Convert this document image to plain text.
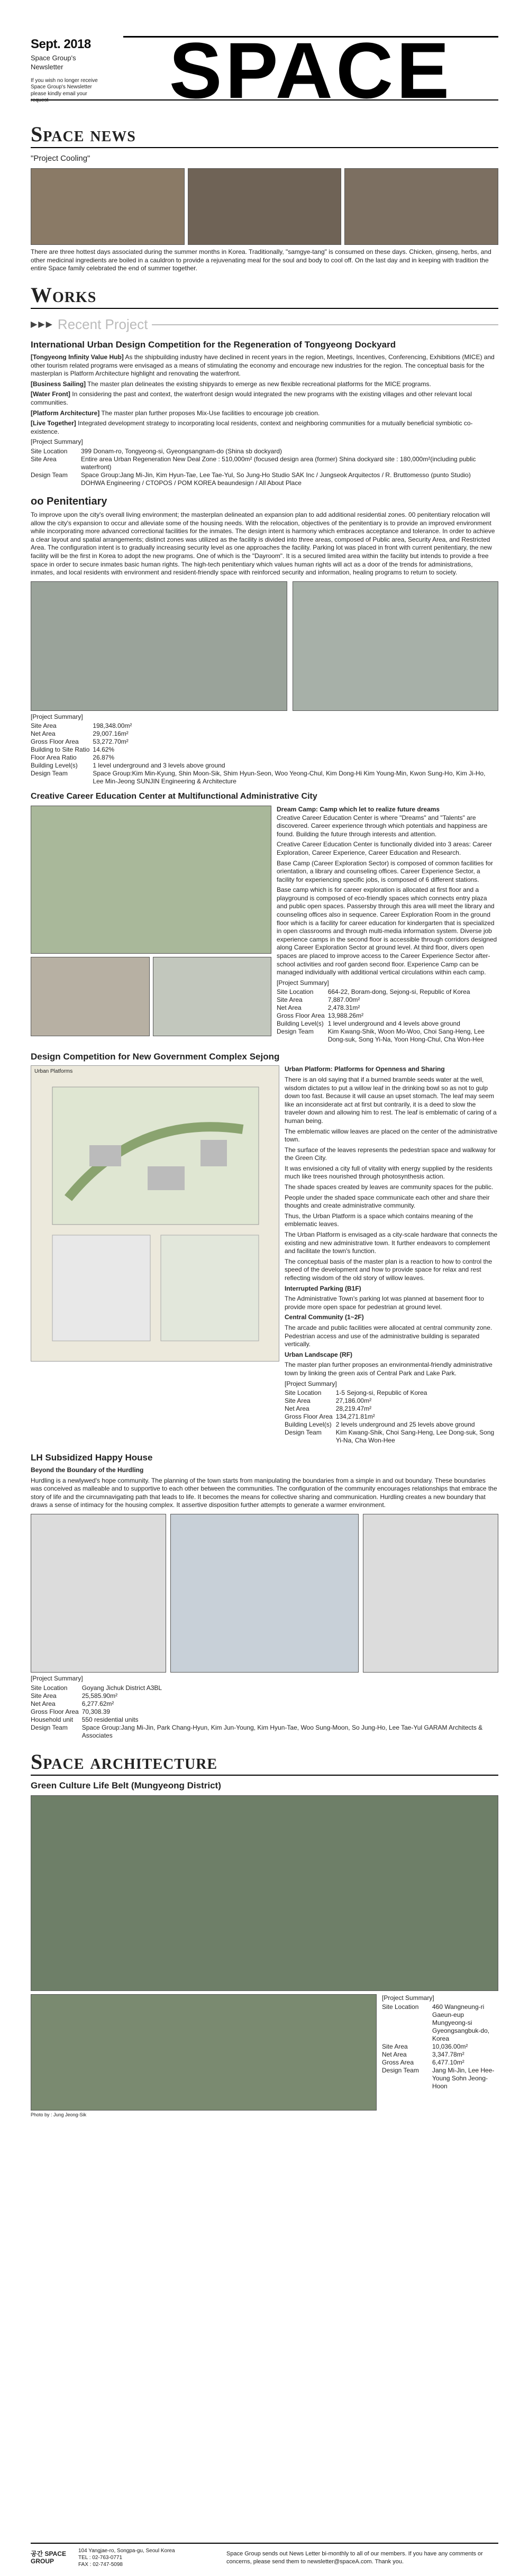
Sept. 2018
Space Group's Newsletter
If you wish no longer receive Space Group's Newsletter please kindly email your request	SPACE
Space news
"Project Cooling"
There are three hottest days associated during the summer months in Korea. Traditionally, "samgye-tang" is consumed on these days. Chicken, ginseng, herbs, and other medicinal ingredients are boiled in a cauldron to provide a rejuvenating meal for the soul and body to cool off. On the last day and in keeping with tradition the entire Space family celebrated the end of summer together.
Works
▶▶▶ Recent Project
International Urban Design Competition for the Regeneration of Tongyeong Dockyard
[Tongyeong Infinity Value Hub] As the shipbuilding industry have declined in recent years in the region, Meetings, Incentives, Conferencing, Exhibitions (MICE) and other tourism related programs were envisaged as a means of stimulating the economy and encourage new industries for the region. The conceptual basis for the masterplan is Platform Architecture highlight and renovating the waterfront.
[Business Sailing] The master plan delineates the existing shipyards to emerge as new flexible recreational platforms for the MICE programs.
[Water Front] In considering the past and context, the waterfront design would integrated the new programs with the existing villages and other relevant local communities.
[Platform Architecture] The master plan further proposes Mix-Use facilities to encourage job creation.
[Live Together] Integrated development strategy to incorporating local residents, context and neighboring communities for a mutually beneficial symbiotic co-existence.
[Project Summary]
Site Location	399 Donam-ro, Tongyeong-si, Gyeongsangnam-do (Shina sb dockyard)
Site Area	Entire area Urban Regeneration New Deal Zone : 510,000m² (focused design area (former) Shina dockyard site : 180,000m²(including public waterfront)
Design Team	Space Group:Jang Mi-Jin, Kim Hyun-Tae, Lee Tae-Yul, So Jung-Ho Studio SAK Inc / Jungseok Arquitectos / R. Bruttomesso (punto Studio) DOHWA Engineering / CTOPOS / POM KOREA beaundesign / All About Place
oo Penitentiary
To improve upon the city's overall living environment; the masterplan delineated an expansion plan to add additional residential zones. 00 penitentiary relocation will allow the city's expansion to occur and alleviate some of the housing needs. With the relocation, objectives of the penitentiary is to provide an improved environment while incorporating more advanced correctional facilities for the inmates. The design intent is harmony which embraces acceptance and tolerance. In order to achieve a clear layout and spatial arrangements; distinct zones was utilized as the facility is divided into three areas, composed of Public area, Security Area, and Restricted Area. The configuration intent is to gradually increasing security level as one approaches the facility. Parking lot was placed in front with current penitentiary, the new facility will be the first in Korea to adopt the new programs. One of which is the "Dayroom". It is a secured limited area within the facility but intends to provide a free space in order to secure inmates basic human rights. The high-tech penitentiary which values human rights will act as a door of the trends for administrations, inmates, and local residents with environment and resident-friendly space with reinforced security and information, healing programs to return to society.
[Project Summary]
Site Area	198,348.00m²
Net Area	29,007.16m²
Gross Floor Area	53,272.70m²
Building to Site Ratio	14.62%
Floor Area Ratio	26.87%
Building Level(s)	1 level underground and 3 levels above ground
Design Team	Space Group:Kim Min-Kyung, Shin Moon-Sik, Shim Hyun-Seon, Woo Yeong-Chul, Kim Dong-Hi Kim Young-Min, Kwon Sung-Ho, Kim Ji-Ho, Lee Min-Jeong SUNJIN Engineering & Architecture
Creative Career Education Center at Multifunctional Administrative City
Dream Camp: Camp which let to realize future dreams
Creative Career Education Center is where "Dreams" and "Talents" are discovered. Career experience through which potentials and happiness are found. Building the future through interests and attention.
Creative Career Education Center is functionally divided into 3 areas: Career Exploration, Career Experience, Career Education and Research.
Base Camp (Career Exploration Sector) is composed of common facilities for orientation, a library and counseling offices. Career Experience Sector, a facility for experiencing specific jobs, is composed of 6 different stations.
Base camp which is for career exploration is allocated at first floor and a playground is composed of eco-friendly spaces which connects entry plaza and public open spaces. Passersby through this area will meet the library and counseling offices also in sequence. Career Exploration Room in the ground floor which is a facility for career education for kindergarten that is specialized in open classrooms and through multi-media information system. Diverse job experience camps in the second floor is accessible through corridors designed along Career Exploration Sector at ground level. At third floor, divers open spaces are placed to improve access to the Career Experience Sector after-school activities and roof garden second floor. Experience Camp can be managed individually with additional vertical circulations within each camp.
[Project Summary]
Site Location	664-22, Boram-dong, Sejong-si, Republic of Korea
Site Area	7,887.00m²
Net Area	2,478.31m²
Gross Floor Area	13,988.26m²
Building Level(s)	1 level underground and 4 levels above ground
Design Team	Kim Kwang-Shik, Woon Mo-Woo, Choi Sang-Heng, Lee Dong-suk, Song Yi-Na, Yoon Hong-Chul, Cha Won-Hee
Design Competition for New Government Complex Sejong
Urban Platforms	Urban Platform: Platforms for Openness and Sharing
There is an old saying that if a burned bramble seeds water at the well, wisdom dictates to put a willow leaf in the drinking bowl so as not to gulp down too fast. Because it will cause an upset stomach. The leaf may seem like an inconsiderate act at first but contrarily, it is a deed to slow the traveler down and allowing him to rest. The leaf is emblematic of caring of a human being.
The emblematic willow leaves are placed on the center of the administrative town.
The surface of the leaves represents the pedestrian space and walkway for the Green City.
It was envisioned a city full of vitality with energy supplied by the residents much like trees nourished through photosynthesis action.
The shade spaces created by leaves are community spaces for the public.
People under the shaded space communicate each other and share their thoughts and create administrative community.
Thus, the Urban Platform is a space which contains meaning of the emblematic leaves.
The Urban Platform is envisaged as a city-scale hardware that connects the existing and new administrative town. It further endeavors to complement and facilitate the town's function.
The conceptual basis of the master plan is a reaction to how to control the speed of the development and how to provide space for relax and rest reflecting wisdom of the old story of willow leaves.
Interrupted Parking (B1F)
The Administrative Town's parking lot was planned at basement floor to provide more open space for pedestrian at ground level.
Central Community (1~2F)
The arcade and public facilities were allocated at central community zone. Pedestrian access and use of the administrative building is separated vertically.
Urban Landscape (RF)
The master plan further proposes an environmental-friendly administrative town by linking the green axis of Central Park and Lake Park.
[Project Summary]
Site Location	1-5 Sejong-si, Republic of Korea
Site Area	27,186.00m²
Net Area	28,219.47m²
Gross Floor Area	134,271.81m²
Building Level(s)	2 levels underground and 25 levels above ground
Design Team	Kim Kwang-Shik, Choi Sang-Heng, Lee Dong-suk, Song Yi-Na, Cha Won-Hee
LH Subsidized Happy House
Beyond the Boundary of the Hurdling
Hurdling is a newlywed's hope community. The planning of the town starts from manipulating the boundaries from a simple in and out boundary. These boundaries was conceived as malleable and to supportive to each other between the communities. The configuration of the community encourages relationships that embrace the story of life and the circumnavigating path that leads to life. It becomes the means for collective sharing and communication. Hurdling creates a new boundary that draws a sense of intimacy for the housing complex. It assertive disposition further attempts to generate a warmer environment.
[Project Summary]
Site Location	Goyang Jichuk District A3BL
Site Area	25,585.90m²
Net Area	6,277.62m²
Gross Floor Area	70,308.39
Household unit	550 residential units
Design Team	Space Group:Jang Mi-Jin, Park Chang-Hyun, Kim Jun-Young, Kim Hyun-Tae, Woo Sung-Moon, So Jung-Ho, Lee Tae-Yul GARAM Architects & Associates
Space architecture
Green Culture Life Belt (Mungyeong District)
[Project Summary]
Site Location	460 Wangneung-ri Gaeun-eup Mungyeong-si Gyeongsangbuk-do, Korea
Site Area	10,036.00m²
Net Area	3,347.78m²
Gross Area	6,477.10m²
Design Team	Jang Mi-Jin, Lee Hee-Young Sohn Jeong-Hoon
Photo by : Jung Jeong-Sik
공간 SPACE GROUP
104 Yangjae-ro, Songpa-gu, Seoul Korea
TEL : 02-763-0771
FAX : 02-747-5098
Space Group sends out News Letter bi-monthly to all of our members. If you have any comments or concerns, please send them to newsletter@spaceA.com. Thank you.
